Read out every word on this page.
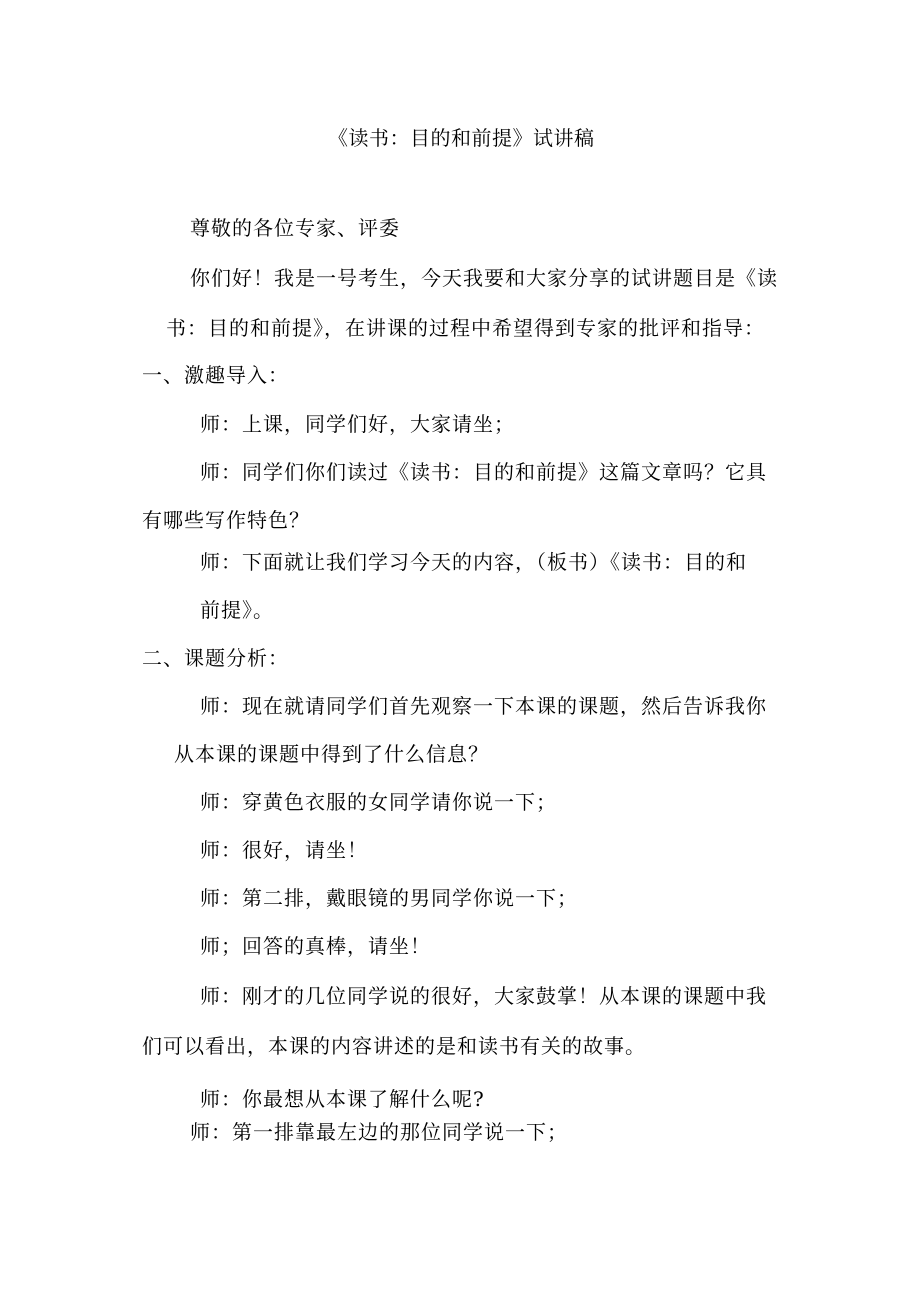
《读书：目的和前提》试讲稿
尊敬的各位专家、评委
你们好！我是一号考生，今天我要和大家分享的试讲题目是《读
书：目的和前提》，在讲课的过程中希望得到专家的批评和指导：
一、激趣导入：
师：上课，同学们好，大家请坐；
师：同学们你们读过《读书：目的和前提》这篇文章吗？它具
有哪些写作特色？
师：下面就让我们学习今天的内容，（板书）《读书：目的和
前提》。
二、课题分析：
师：现在就请同学们首先观察一下本课的课题，然后告诉我你
从本课的课题中得到了什么信息？
师：穿黄色衣服的女同学请你说一下；
师：很好，请坐！
师：第二排，戴眼镜的男同学你说一下；
师；回答的真棒，请坐！
师：刚才的几位同学说的很好，大家鼓掌！从本课的课题中我
们可以看出，本课的内容讲述的是和读书有关的故事。
师：你最想从本课了解什么呢?
师：第一排靠最左边的那位同学说一下；
